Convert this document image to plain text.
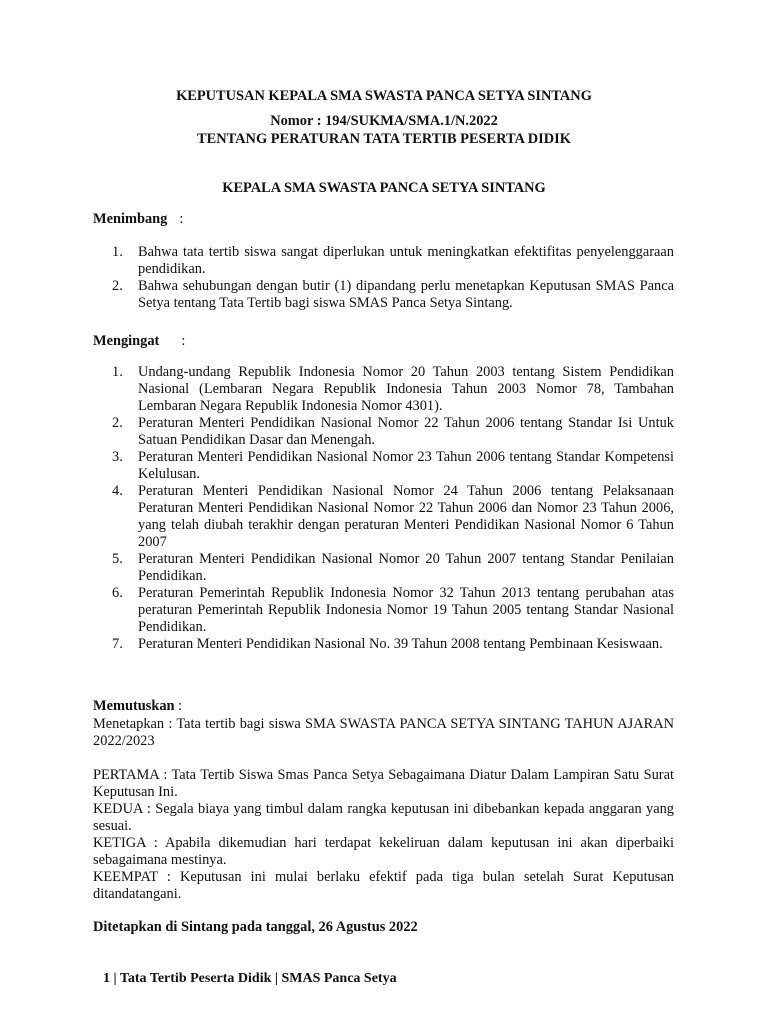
KEPUTUSAN KEPALA SMA SWASTA PANCA SETYA SINTANG

Nomor : 194/SUKMA/SMA.1/N.2022

TENTANG PERATURAN TATA TERTIB PESERTA DIDIK

KEPALA SMA SWASTA PANCA SETYA SINTANG

Menimbang :

1. Bahwa tata tertib siswa sangat diperlukan untuk meningkatkan efektifitas penyelenggaraan pendidikan.
2. Bahwa sehubungan dengan butir (1) dipandang perlu menetapkan Keputusan SMAS Panca Setya tentang Tata Tertib bagi siswa SMAS Panca Setya Sintang.

Mengingat :

1. Undang-undang Republik Indonesia Nomor 20 Tahun 2003 tentang Sistem Pendidikan Nasional (Lembaran Negara Republik Indonesia Tahun 2003 Nomor 78, Tambahan Lembaran Negara Republik Indonesia Nomor 4301).
2. Peraturan Menteri Pendidikan Nasional Nomor 22 Tahun 2006 tentang Standar Isi Untuk Satuan Pendidikan Dasar dan Menengah.
3. Peraturan Menteri Pendidikan Nasional Nomor 23 Tahun 2006 tentang Standar Kompetensi Kelulusan.
4. Peraturan Menteri Pendidikan Nasional Nomor 24 Tahun 2006 tentang Pelaksanaan Peraturan Menteri Pendidikan Nasional Nomor 22 Tahun 2006 dan Nomor 23 Tahun 2006, yang telah diubah terakhir dengan peraturan Menteri Pendidikan Nasional Nomor 6 Tahun 2007
5. Peraturan Menteri Pendidikan Nasional Nomor 20 Tahun 2007 tentang Standar Penilaian Pendidikan.
6. Peraturan Pemerintah Republik Indonesia Nomor 32 Tahun 2013 tentang perubahan atas peraturan Pemerintah Republik Indonesia Nomor 19 Tahun 2005 tentang Standar Nasional Pendidikan.
7. Peraturan Menteri Pendidikan Nasional No. 39 Tahun 2008 tentang Pembinaan Kesiswaan.

Memutuskan :

Menetapkan : Tata tertib bagi siswa SMA SWASTA PANCA SETYA SINTANG TAHUN AJARAN 2022/2023

PERTAMA : Tata Tertib Siswa Smas Panca Setya Sebagaimana Diatur Dalam Lampiran Satu Surat Keputusan Ini.

KEDUA : Segala biaya yang timbul dalam rangka keputusan ini dibebankan kepada anggaran yang sesuai.

KETIGA : Apabila dikemudian hari terdapat kekeliruan dalam keputusan ini akan diperbaiki sebagaimana mestinya.

KEEMPAT : Keputusan ini mulai berlaku efektif pada tiga bulan setelah Surat Keputusan ditandatangani.

Ditetapkan di Sintang pada tanggal, 26 Agustus 2022

1 | Tata Tertib Peserta Didik | SMAS Panca Setya
